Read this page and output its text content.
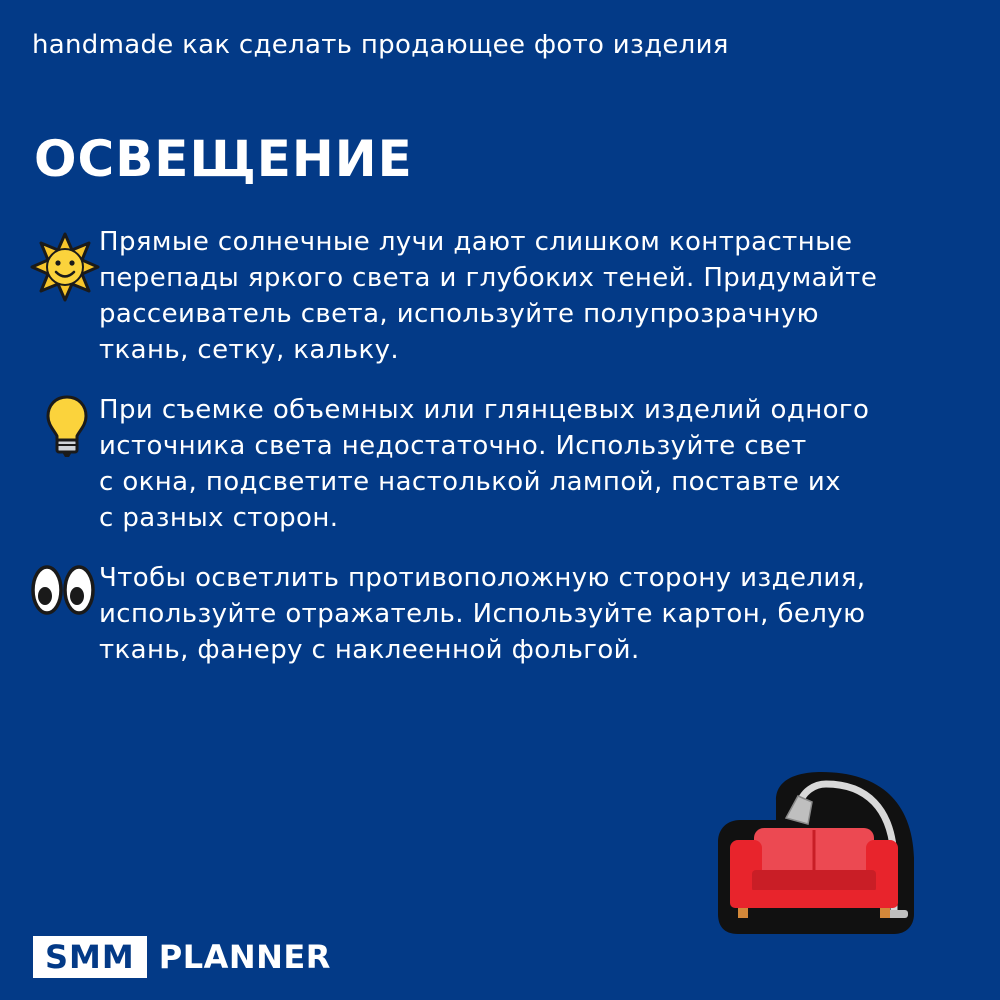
handmade как сделать продающее фото изделия
ОСВЕЩЕНИЕ
Прямые солнечные лучи дают слишком контрастные
перепады яркого света и глубоких теней. Придумайте
рассеиватель света, используйте полупрозрачную
ткань, сетку, кальку.
При съемке объемных или глянцевых изделий одного
источника света недостаточно. Используйте свет
с окна, подсветите настолькой лампой, поставте их
с разных сторон.
Чтобы осветлить противоположную сторону изделия,
используйте отражатель. Используйте картон, белую
ткань, фанеру с наклеенной фольгой.
SMM PLANNER
